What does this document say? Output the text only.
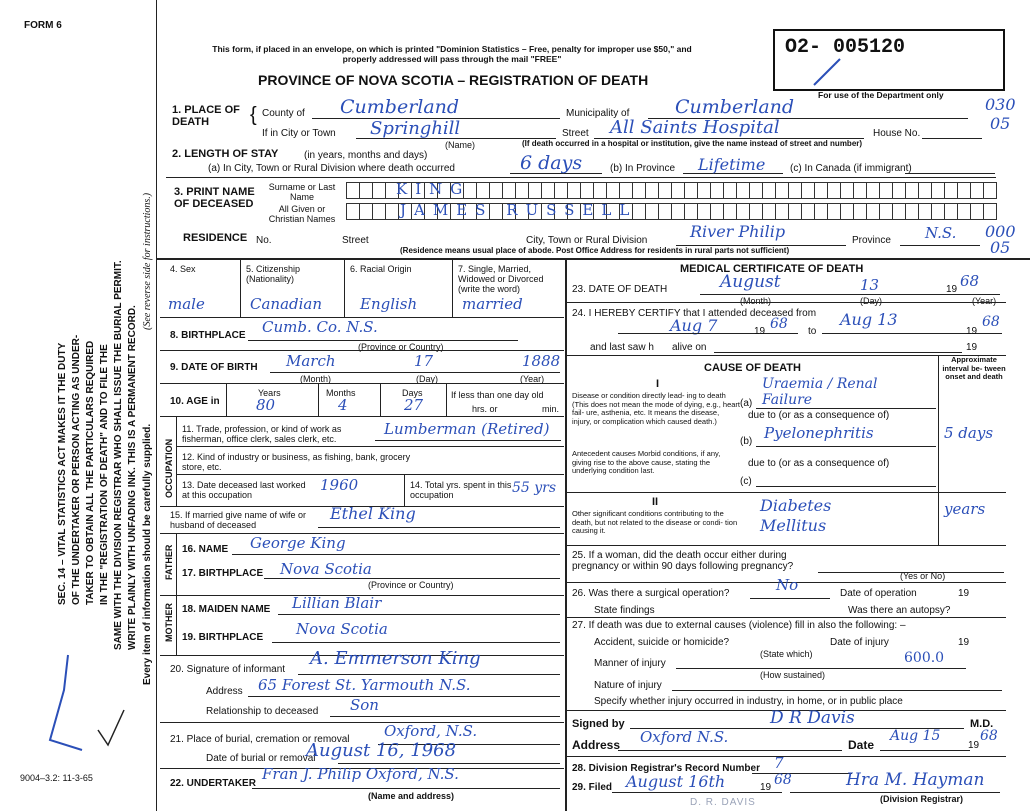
FORM 6
SEC. 14 – VITAL STATISTICS ACT MAKES IT THE DUTY OF THE UNDERTAKER OR PERSON ACTING AS UNDER- TAKER TO OBTAIN ALL THE PARTICULARS REQUIRED IN THE "REGISTRATION OF DEATH" AND TO FILE THE SAME WITH THE DIVISION REGISTRAR WHO SHALL ISSUE THE BURIAL PERMIT. WRITE PLAINLY WITH UNFADING INK. THIS IS A PERMANENT RECORD.
(See reverse side for instructions.)
Every item of information should be carefully supplied.
9004–3.2: 11-3-65
This form, if placed in an envelope, on which is printed "Dominion Statistics – Free, penalty for improper use $50," and properly addressed will pass through the mail "FREE"
PROVINCE OF NOVA SCOTIA – REGISTRATION OF DEATH
O2- 005120
For use of the Department only	030
05
000
05
1. PLACE OF DEATH	{ County of Cumberland	Municipality of Cumberland
If in City or Town Springhill
(Name)
Street All Saints Hospital	House No.
(If death occurred in a hospital or institution, give the name instead of street and number)
2. LENGTH OF STAY	(in years, months and days)
(a) In City, Town or Rural Division where death occurred	6 days	(b) In Province Lifetime (c) In Canada (if immigrant)
3. PRINT NAME OF DECEASED
Surname or Last Name
All Given or Christian Names
KING
JAMES RUSSELL
RESIDENCE No.	Street	City, Town or Rural Division	River Philip	Province N.S.
(Residence means usual place of abode. Post Office Address for residents in rural parts not sufficient)
4. Sex	5. Citizenship (Nationality)
6. Racial Origin	7. Single, Married, Widowed or Divorced (write the word)
male	Canadian	English	married
8. BIRTHPLACE Cumb. Co. N.S.
(Province or Country)
9. DATE OF BIRTH March	17	1888
(Month)	(Day)	(Year)
10. AGE in
Years	Months	Days
80	4	27
If less than one day old
hrs. or	min.
OCCUPATION
11. Trade, profession, or kind of work as fisherman, office clerk, sales clerk, etc.
Lumberman (Retired)
12. Kind of industry or business, as fishing, bank, grocery store, etc.
13. Date deceased last worked at this occupation
1960	14. Total yrs. spent in this occupation	55 yrs
15. If married give name of wife or husband of deceased
Ethel King
FATHER 16. NAME George King
17. BIRTHPLACE Nova Scotia
(Province or Country)
MOTHER 18. MAIDEN NAME Lillian Blair
19. BIRTHPLACE Nova Scotia
20. Signature of informant
A. Emmerson King
Address 65 Forest St. Yarmouth N.S.
Relationship to deceased Son
21. Place of burial, cremation or removal Oxford, N.S.
Date of burial or removal
August 16, 1968
22. UNDERTAKER
Fran J. Philip Oxford, N.S.
(Name and address)
MEDICAL CERTIFICATE OF DEATH
23. DATE OF DEATH	August	13	19 68
(Month)	(Day)	(Year)
24. I HEREBY CERTIFY that I attended deceased from
Aug 7	19 68 to
Aug 13
19
68
and last saw h alive on	19
CAUSE OF DEATH
Approximate interval be- tween onset and death
I
Disease or condition directly lead- ing to death (This does not mean the mode of dying, e.g., heart fail- ure, asthenia, etc. It means the disease, injury, or complication which caused death.)
(a)
Uraemia / Renal Failure
due to (or as a consequence of)
(b) Pyelonephritis	5 days
due to (or as a consequence of)
Antecedent causes Morbid conditions, if any, giving rise to the above cause, stating the underlying condition last.
(c)
II
Other significant conditions contributing to the death, but not related to the disease or condi- tion causing it.
Diabetes Mellitus
years
25. If a woman, did the death occur either during pregnancy or within 90 days following pregnancy?
(Yes or No)
26. Was there a surgical operation?	No	Date of operation	19
State findings	Was there an autopsy?
27. If death was due to external causes (violence) fill in also the following: –
Accident, suicide or homicide?	Date of injury	19
(State which)
Manner of injury	600.0
(How sustained)
Nature of injury
Specify whether injury occurred in industry, in home, or in public place
Signed by	D R Davis	M.D.
Address Oxford N.S.	Date
Aug 15
19
68
28. Division Registrar's Record Number 7
29. Filed August 16th	19 68	Hra M. Hayman
(Division Registrar)
D. R. DAVIS
